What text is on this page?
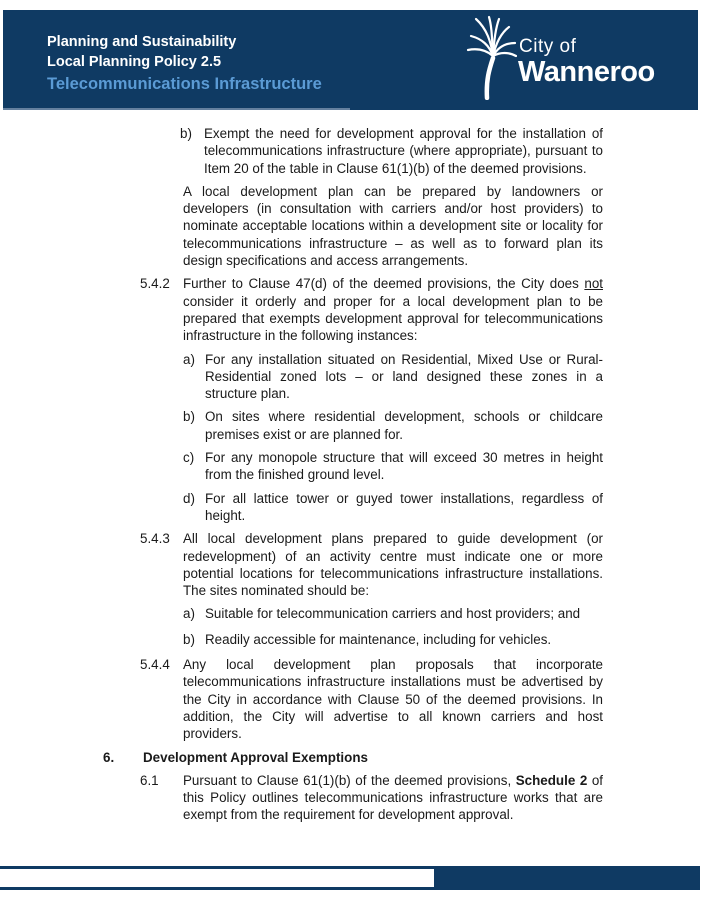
Planning and Sustainability
Local Planning Policy 2.5
Telecommunications Infrastructure
City of
Wanneroo
b) Exempt the need for development approval for the installation of telecommunications infrastructure (where appropriate), pursuant to Item 20 of the table in Clause 61(1)(b) of the deemed provisions.
A local development plan can be prepared by landowners or developers (in consultation with carriers and/or host providers) to nominate acceptable locations within a development site or locality for telecommunications infrastructure – as well as to forward plan its design specifications and access arrangements.
5.4.2 Further to Clause 47(d) of the deemed provisions, the City does not consider it orderly and proper for a local development plan to be prepared that exempts development approval for telecommunications infrastructure in the following instances:
a) For any installation situated on Residential, Mixed Use or Rural-Residential zoned lots – or land designed these zones in a structure plan.
b) On sites where residential development, schools or childcare premises exist or are planned for.
c) For any monopole structure that will exceed 30 metres in height from the finished ground level.
d) For all lattice tower or guyed tower installations, regardless of height.
5.4.3 All local development plans prepared to guide development (or redevelopment) of an activity centre must indicate one or more potential locations for telecommunications infrastructure installations. The sites nominated should be:
a) Suitable for telecommunication carriers and host providers; and
b) Readily accessible for maintenance, including for vehicles.
5.4.4 Any local development plan proposals that incorporate telecommunications infrastructure installations must be advertised by the City in accordance with Clause 50 of the deemed provisions. In addition, the City will advertise to all known carriers and host providers.
6.	Development Approval Exemptions
6.1	Pursuant to Clause 61(1)(b) of the deemed provisions, Schedule 2 of this Policy outlines telecommunications infrastructure works that are exempt from the requirement for development approval.
